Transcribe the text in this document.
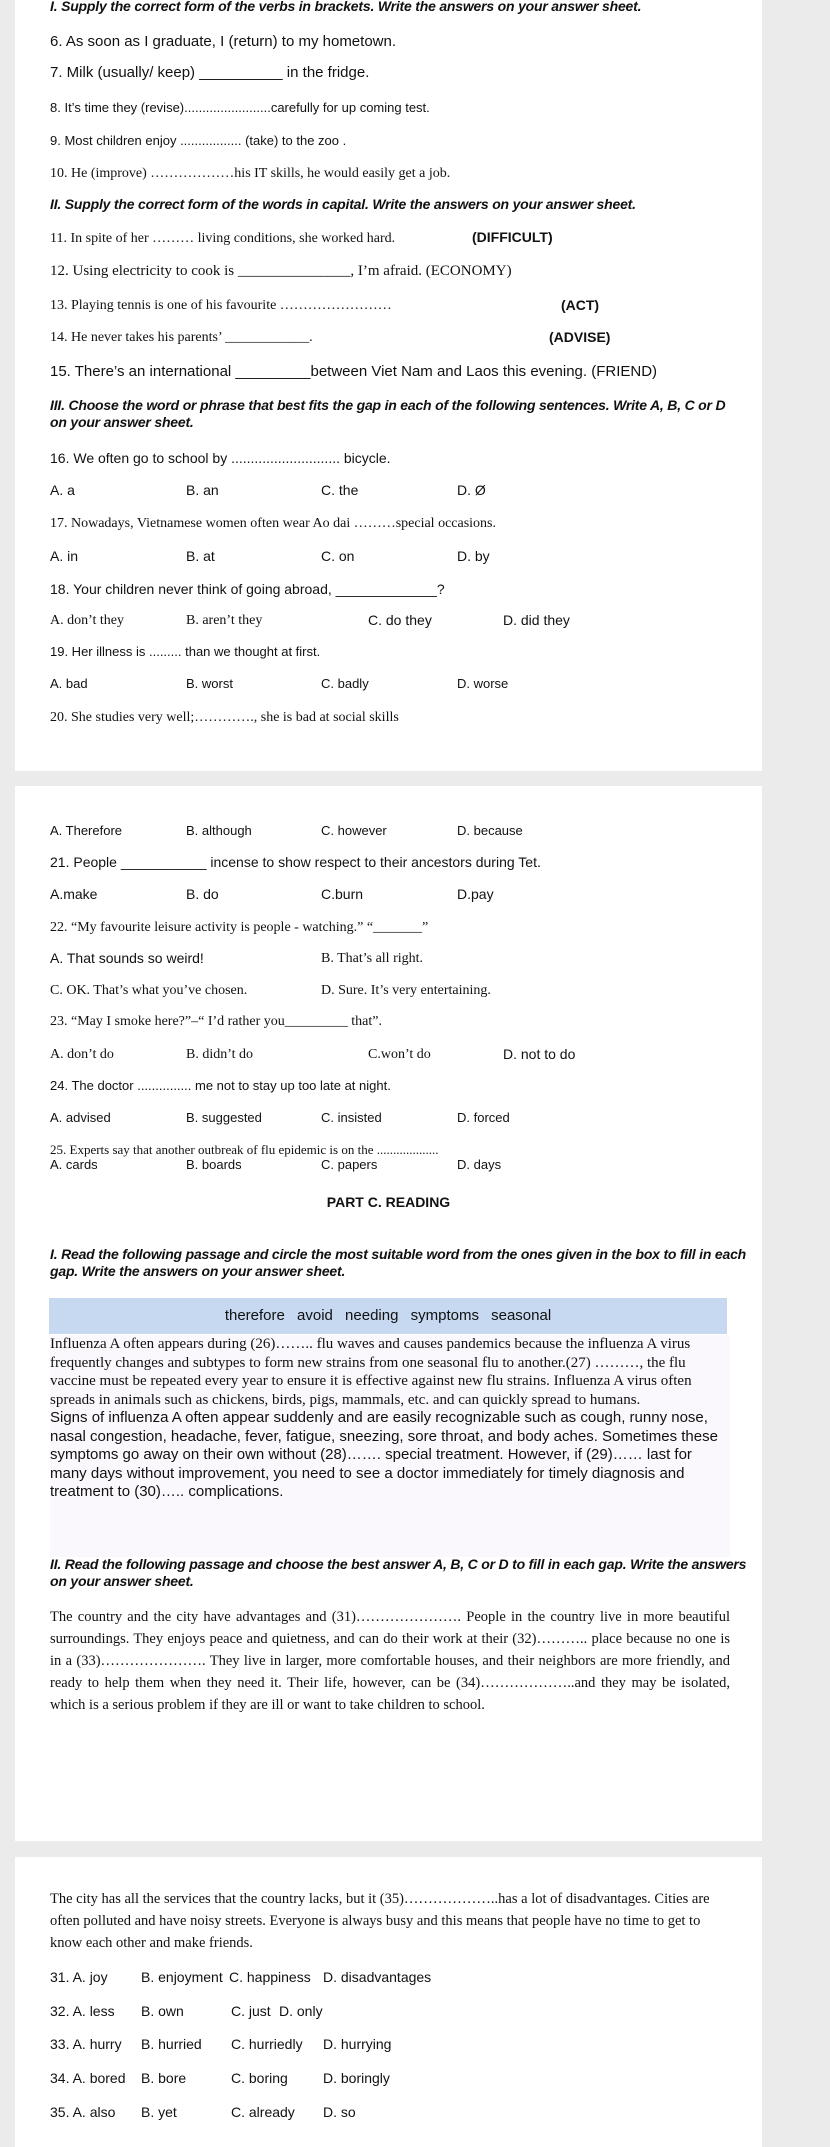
I. Supply the correct form of the verbs in brackets. Write the answers on your answer sheet.
6. As soon as I graduate, I (return) to my hometown.
7. Milk (usually/ keep) __________ in the fridge.
8. It’s time they (revise)........................carefully for up coming test.
9. Most children enjoy ................. (take) to the zoo .
10. He (improve) ………………his IT skills, he would easily get a job.
II. Supply the correct form of the words in capital. Write the answers on your answer sheet.
11. In spite of her ……… living conditions, she worked hard.	(DIFFICULT)
12. Using electricity to cook is _______________, I’m afraid. (ECONOMY)
13. Playing tennis is one of his favourite ……………………	(ACT)
14. He never takes his parents’ ____________.	(ADVISE)
15. There’s an international _________between Viet Nam and Laos this evening. (FRIEND)
III. Choose the word or phrase that best fits the gap in each of the following sentences. Write A, B, C or D
on your answer sheet.
16. We often go to school by ............................ bicycle.
A. a	B. an	C. the	D. Ø
17. Nowadays, Vietnamese women often wear Ao dai ………special occasions.
A. in	B. at	C. on	D. by
18. Your children never think of going abroad, _____________?
A. don’t they	B. aren’t they	C. do they	D. did they
19. Her illness is ......... than we thought at first.
A. bad	B. worst	C. badly	D. worse
20. She studies very well;…………., she is bad at social skills
A. Therefore	B. although	C. however	D. because
21. People ___________ incense to show respect to their ancestors during Tet.
A.make	B. do	C.burn	D.pay
22. “My favourite leisure activity is people - watching.” “_______”
A. That sounds so weird!	B. That’s all right.
C. OK. That’s what you’ve chosen.	D. Sure. It’s very entertaining.
23. “May I smoke here?”–“ I’d rather you_________ that”.
A. don’t do	B. didn’t do	C.won’t do	D. not to do
24. The doctor ............... me not to stay up too late at night.
A. advised	B. suggested	C. insisted	D. forced
25. Experts say that another outbreak of flu epidemic is on the ...................
A. cards	B. boards	C. papers	D. days
PART C. READING
I. Read the following passage and circle the most suitable word from the ones given in the box to fill in each
gap. Write the answers on your answer sheet.
therefore avoid needing symptoms seasonal
Influenza A often appears during (26)…….. flu waves and causes pandemics because the influenza A virus frequently changes and subtypes to form new strains from one seasonal flu to another.(27) ………, the flu vaccine must be repeated every year to ensure it is effective against new flu strains. Influenza A virus often spreads in animals such as chickens, birds, pigs, mammals, etc. and can quickly spread to humans.
Signs of influenza A often appear suddenly and are easily recognizable such as cough, runny nose, nasal congestion, headache, fever, fatigue, sneezing, sore throat, and body aches. Sometimes these symptoms go away on their own without (28)……. special treatment. However, if (29)…… last for many days without improvement, you need to see a doctor immediately for timely diagnosis and treatment to (30)….. complications.
II. Read the following passage and choose the best answer A, B, C or D to fill in each gap. Write the answers
on your answer sheet.
The country and the city have advantages and (31)…………………. People in the country live in more beautiful surroundings. They enjoys peace and quietness, and can do their work at their (32)……….. place because no one is in a (33)…………………. They live in larger, more comfortable houses, and their neighbors are more friendly, and ready to help them when they need it. Their life, however, can be (34)………………..and they may be isolated, which is a serious problem if they are ill or want to take children to school.
The city has all the services that the country lacks, but it (35)………………..has a lot of disadvantages. Cities are often polluted and have noisy streets. Everyone is always busy and this means that people have no time to get to know each other and make friends.
31. A. joy B. enjoyment C. happiness D. disadvantages
32. A. less B. own	C. just D. only
33. A. hurry B. hurried C. hurriedly D. hurrying
34. A. bored B. bore	C. boring	D. boringly
35. A. also B. yet	C. already D. so
